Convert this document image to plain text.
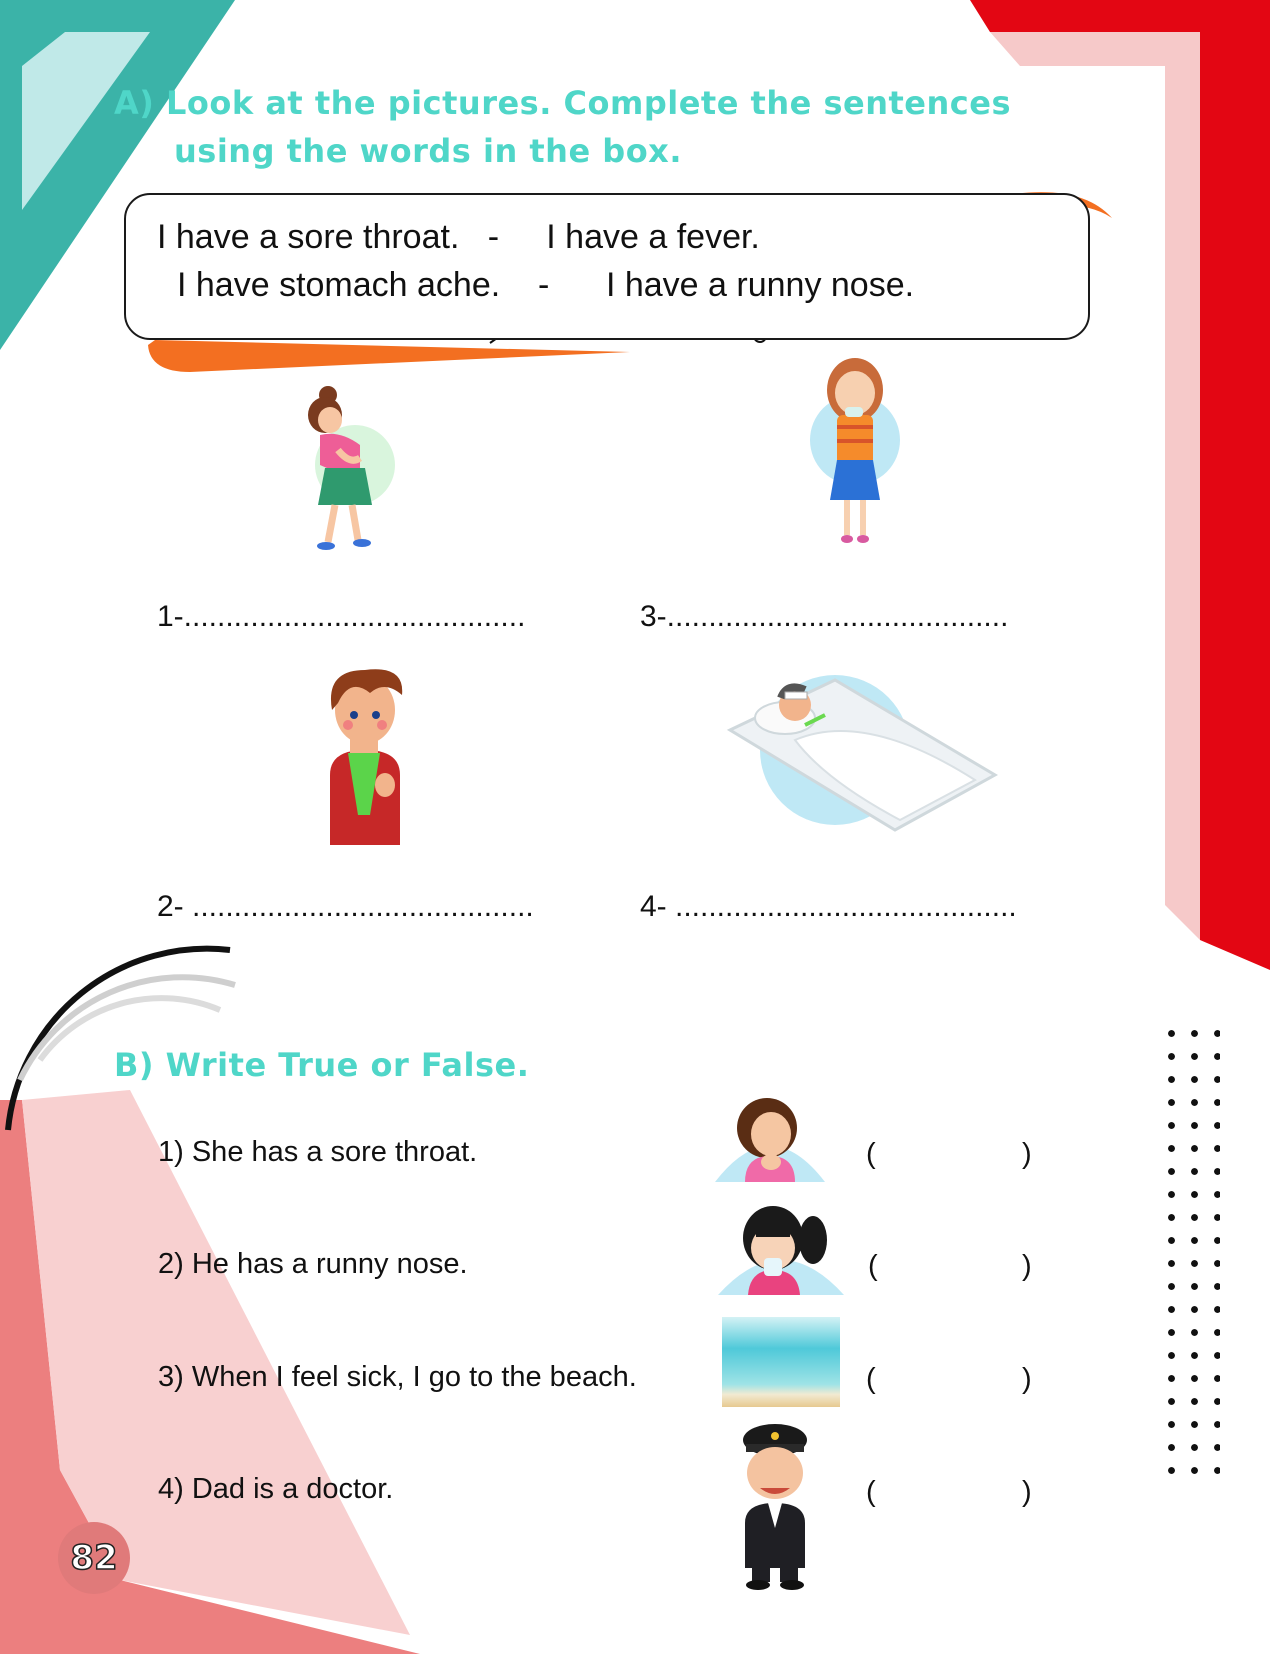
A) Look at the pictures. Complete the sentences
using the words in the box.
I have a sore throat.   -     I have a fever.
I have stomach ache.    -      I have a runny nose.
1-.........................................	3-.........................................
2- .........................................	4- .........................................
B) Write True or False.
1) She has a sore throat.	(	)
2) He has a runny nose.	(	)
3) When I feel sick, I go to the beach.	(	)
4) Dad is a doctor.	(	)
82
